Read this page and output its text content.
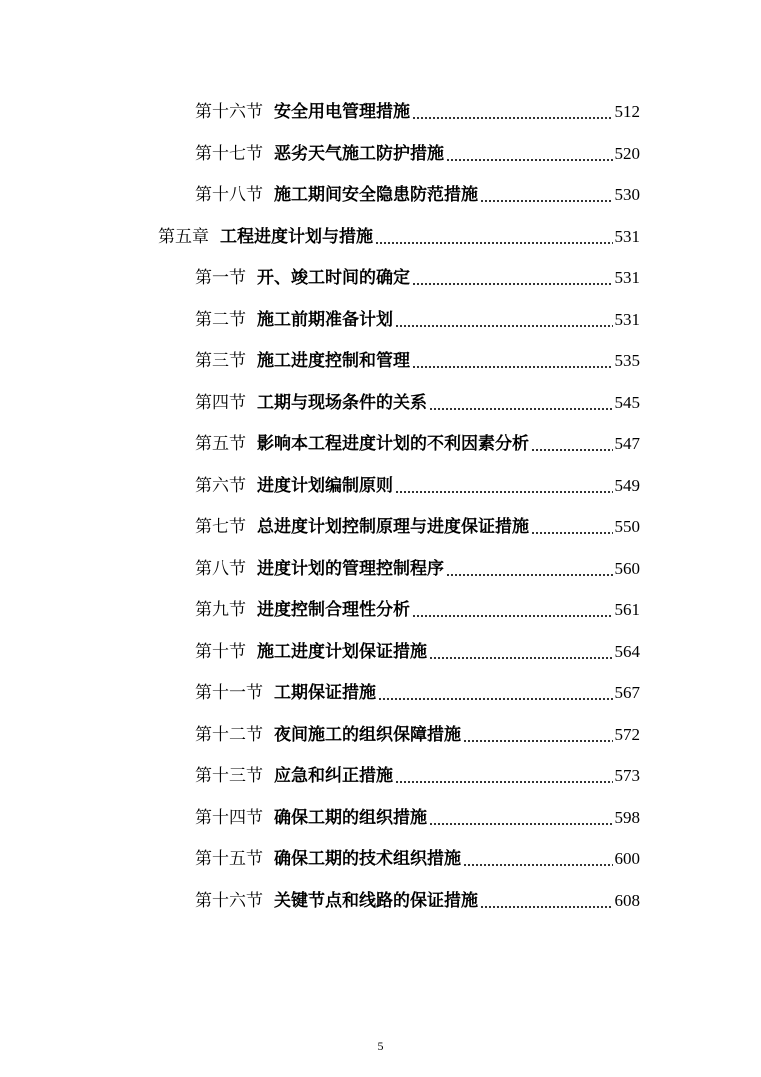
第十六节 安全用电管理措施	512
第十七节 恶劣天气施工防护措施	520
第十八节 施工期间安全隐患防范措施	530
第五章 工程进度计划与措施	531
第一节 开、竣工时间的确定	531
第二节 施工前期准备计划	531
第三节 施工进度控制和管理	535
第四节 工期与现场条件的关系	545
第五节 影响本工程进度计划的不利因素分析	547
第六节 进度计划编制原则	549
第七节 总进度计划控制原理与进度保证措施	550
第八节 进度计划的管理控制程序	560
第九节 进度控制合理性分析	561
第十节 施工进度计划保证措施	564
第十一节 工期保证措施	567
第十二节 夜间施工的组织保障措施	572
第十三节 应急和纠正措施	573
第十四节 确保工期的组织措施	598
第十五节 确保工期的技术组织措施	600
第十六节 关键节点和线路的保证措施	608
5
